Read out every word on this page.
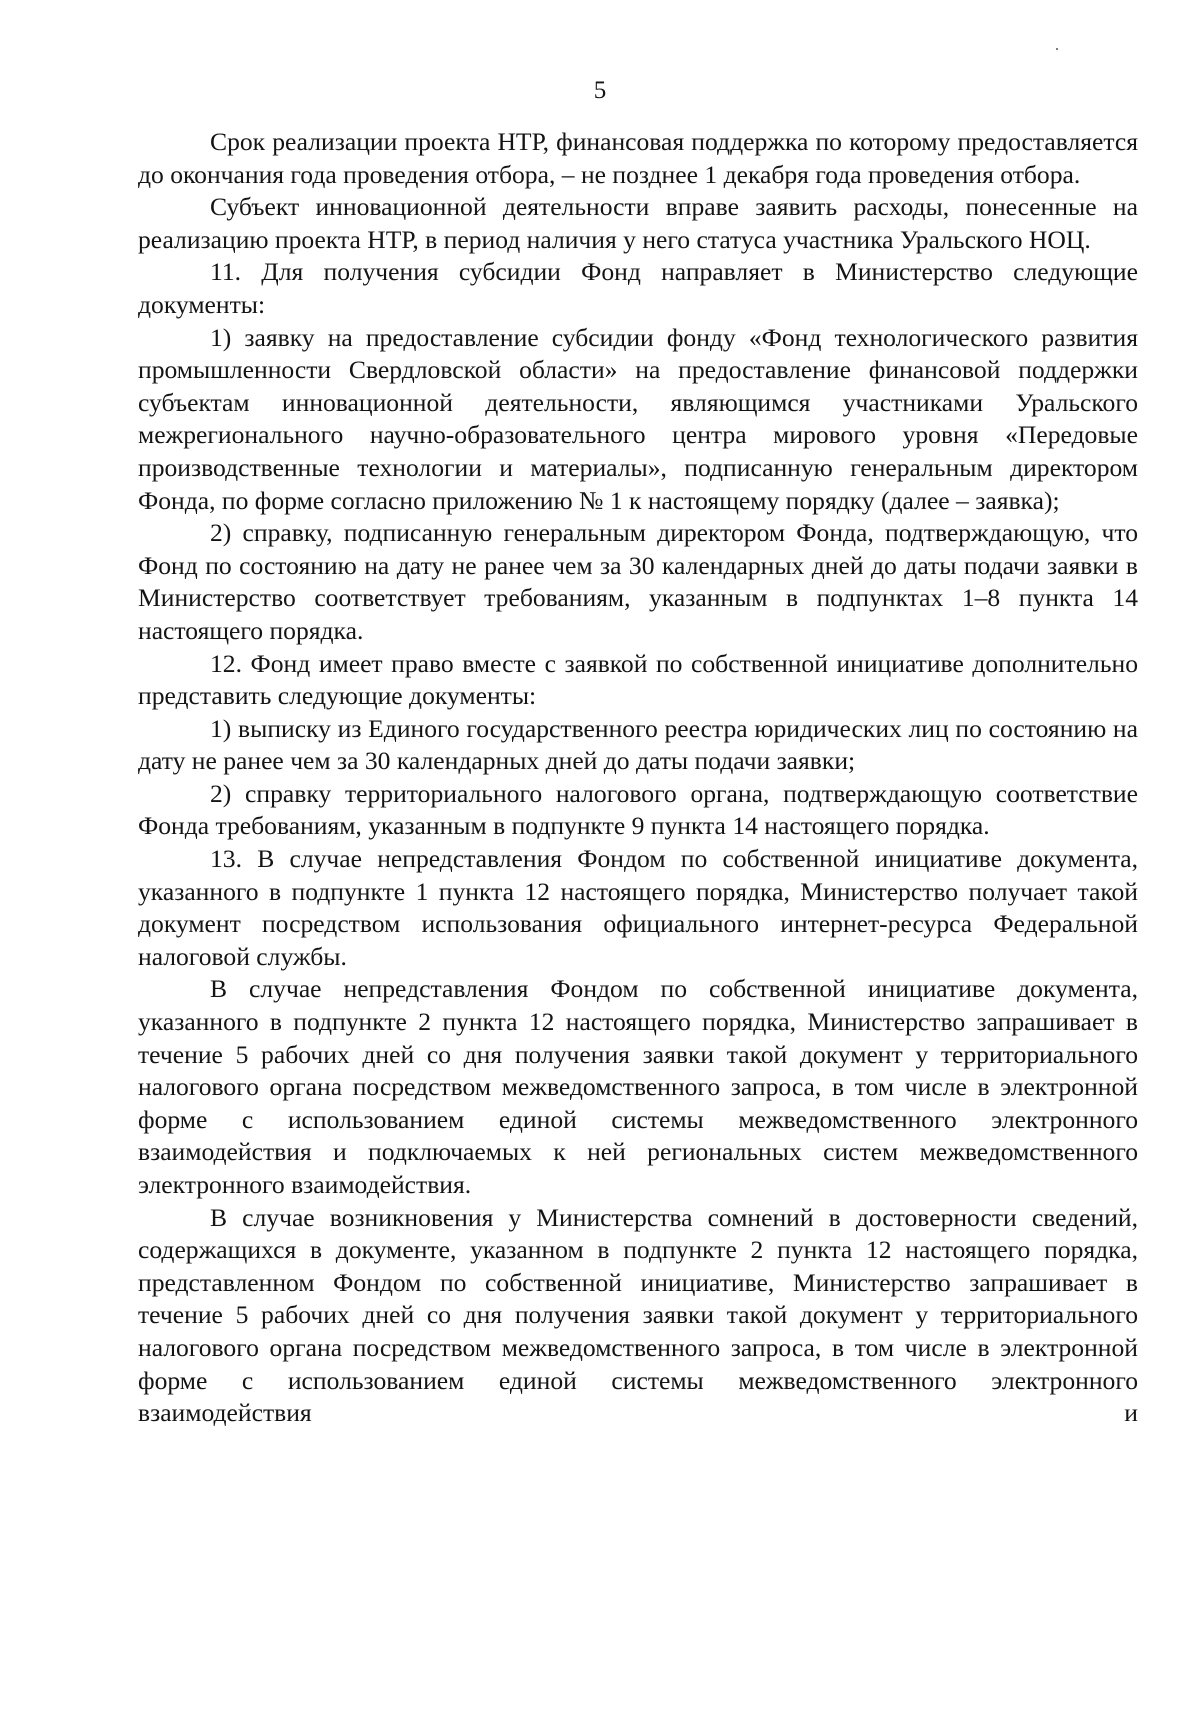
5

Срок реализации проекта НТР, финансовая поддержка по которому предоставляется до окончания года проведения отбора, – не позднее 1 декабря года проведения отбора.

Субъект инновационной деятельности вправе заявить расходы, понесенные на реализацию проекта НТР, в период наличия у него статуса участника Уральского НОЦ.

11. Для получения субсидии Фонд направляет в Министерство следующие документы:

1) заявку на предоставление субсидии фонду «Фонд технологического развития промышленности Свердловской области» на предоставление финансовой поддержки субъектам инновационной деятельности, являющимся участниками Уральского межрегионального научно-образовательного центра мирового уровня «Передовые производственные технологии и материалы», подписанную генеральным директором Фонда, по форме согласно приложению № 1 к настоящему порядку (далее – заявка);

2) справку, подписанную генеральным директором Фонда, подтверждающую, что Фонд по состоянию на дату не ранее чем за 30 календарных дней до даты подачи заявки в Министерство соответствует требованиям, указанным в подпунктах 1–8 пункта 14 настоящего порядка.

12. Фонд имеет право вместе с заявкой по собственной инициативе дополнительно представить следующие документы:

1) выписку из Единого государственного реестра юридических лиц по состоянию на дату не ранее чем за 30 календарных дней до даты подачи заявки;

2) справку территориального налогового органа, подтверждающую соответствие Фонда требованиям, указанным в подпункте 9 пункта 14 настоящего порядка.

13. В случае непредставления Фондом по собственной инициативе документа, указанного в подпункте 1 пункта 12 настоящего порядка, Министерство получает такой документ посредством использования официального интернет-ресурса Федеральной налоговой службы.

В случае непредставления Фондом по собственной инициативе документа, указанного в подпункте 2 пункта 12 настоящего порядка, Министерство запрашивает в течение 5 рабочих дней со дня получения заявки такой документ у территориального налогового органа посредством межведомственного запроса, в том числе в электронной форме с использованием единой системы межведомственного электронного взаимодействия и подключаемых к ней региональных систем межведомственного электронного взаимодействия.

В случае возникновения у Министерства сомнений в достоверности сведений, содержащихся в документе, указанном в подпункте 2 пункта 12 настоящего порядка, представленном Фондом по собственной инициативе, Министерство запрашивает в течение 5 рабочих дней со дня получения заявки такой документ у территориального налогового органа посредством межведомственного запроса, в том числе в электронной форме с использованием единой системы межведомственного электронного взаимодействия и
